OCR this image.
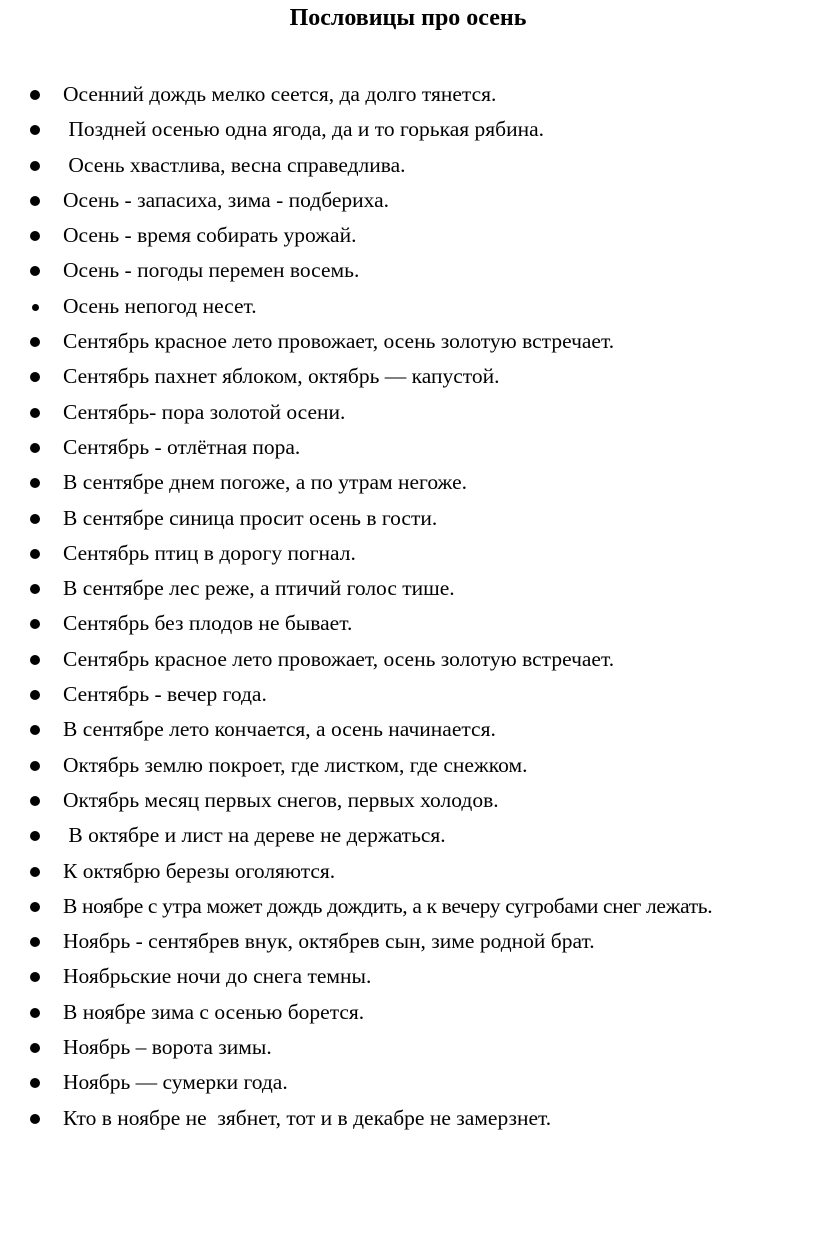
Пословицы про осень
Осенний дождь мелко сеется, да долго тянется.
Поздней осенью одна ягода, да и то горькая рябина.
Осень хвастлива, весна справедлива.
Осень - запасиха, зима - подбериха.
Осень - время собирать урожай.
Осень - погоды перемен восемь.
Осень непогод несет.
Сентябрь красное лето провожает, осень золотую встречает.
Сентябрь пахнет яблоком, октябрь — капустой.
Сентябрь- пора золотой осени.
Сентябрь - отлётная пора.
В сентябре днем погоже, а по утрам негоже.
В сентябре синица просит осень в гости.
Сентябрь птиц в дорогу погнал.
В сентябре лес реже, а птичий голос тише.
Сентябрь без плодов не бывает.
Сентябрь красное лето провожает, осень золотую встречает.
Сентябрь - вечер года.
В сентябре лето кончается, а осень начинается.
Октябрь землю покроет, где листком, где снежком.
Октябрь месяц первых снегов, первых холодов.
В октябре и лист на дереве не держаться.
К октябрю березы оголяются.
В ноябре с утра может дождь дождить, а к вечеру сугробами снег лежать.
Ноябрь - сентябрев внук, октябрев сын, зиме родной брат.
Ноябрьские ночи до снега темны.
В ноябре зима с осенью борется.
Ноябрь – ворота зимы.
Ноябрь — сумерки года.
Кто в ноябре не  зябнет, тот и в декабре не замерзнет.
